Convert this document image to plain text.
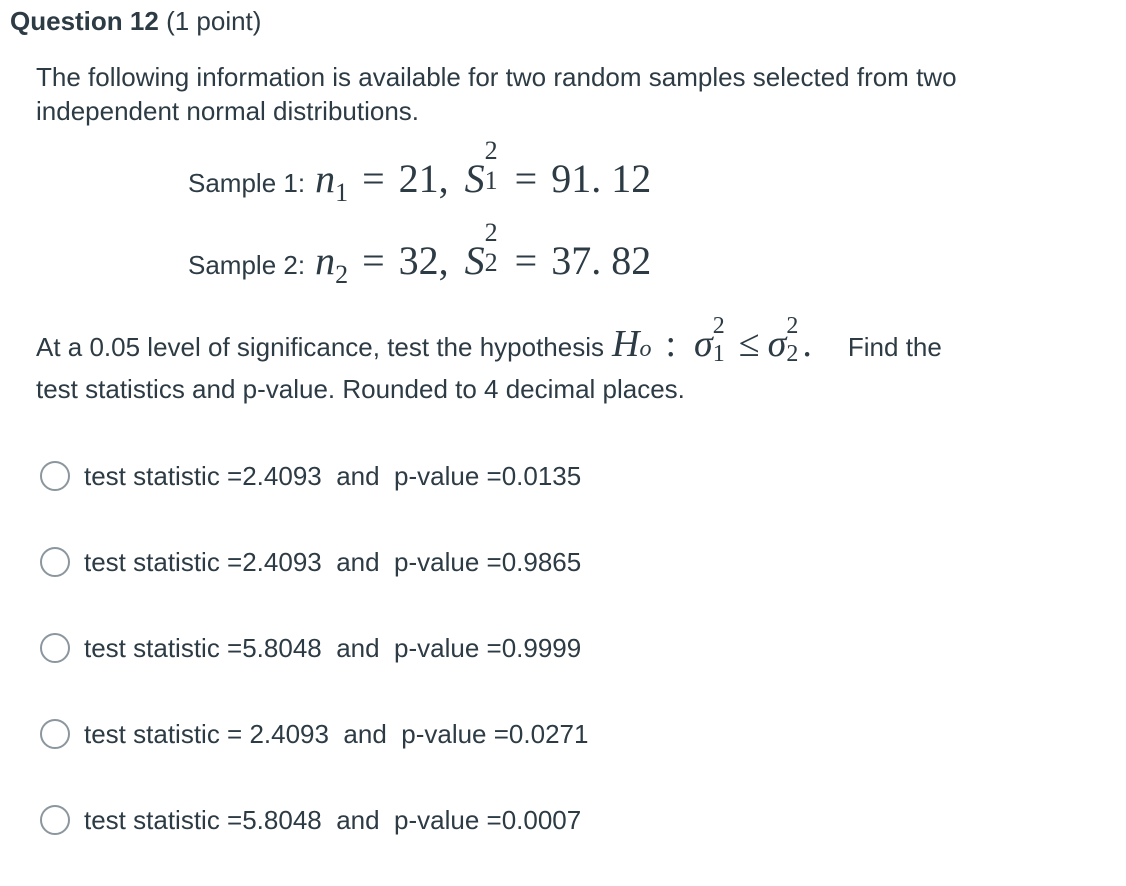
Question 12 (1 point)
The following information is available for two random samples selected from two independent normal distributions.
Sample 1: $n_1 = 21$, S
2
1 = 91. 12
Sample 2: $n_2 = 32$, S
2
2 = 37. 82
At a 0.05 level of significance, test the hypothesis H o : σ 2
1 ≤ σ 2
2 . Find the
test statistics and p-value. Rounded to 4 decimal places.
test statistic =2.4093  and  p-value =0.0135
test statistic =2.4093  and  p-value =0.9865
test statistic =5.8048  and  p-value =0.9999
test statistic = 2.4093  and  p-value =0.0271
test statistic =5.8048  and  p-value =0.0007
